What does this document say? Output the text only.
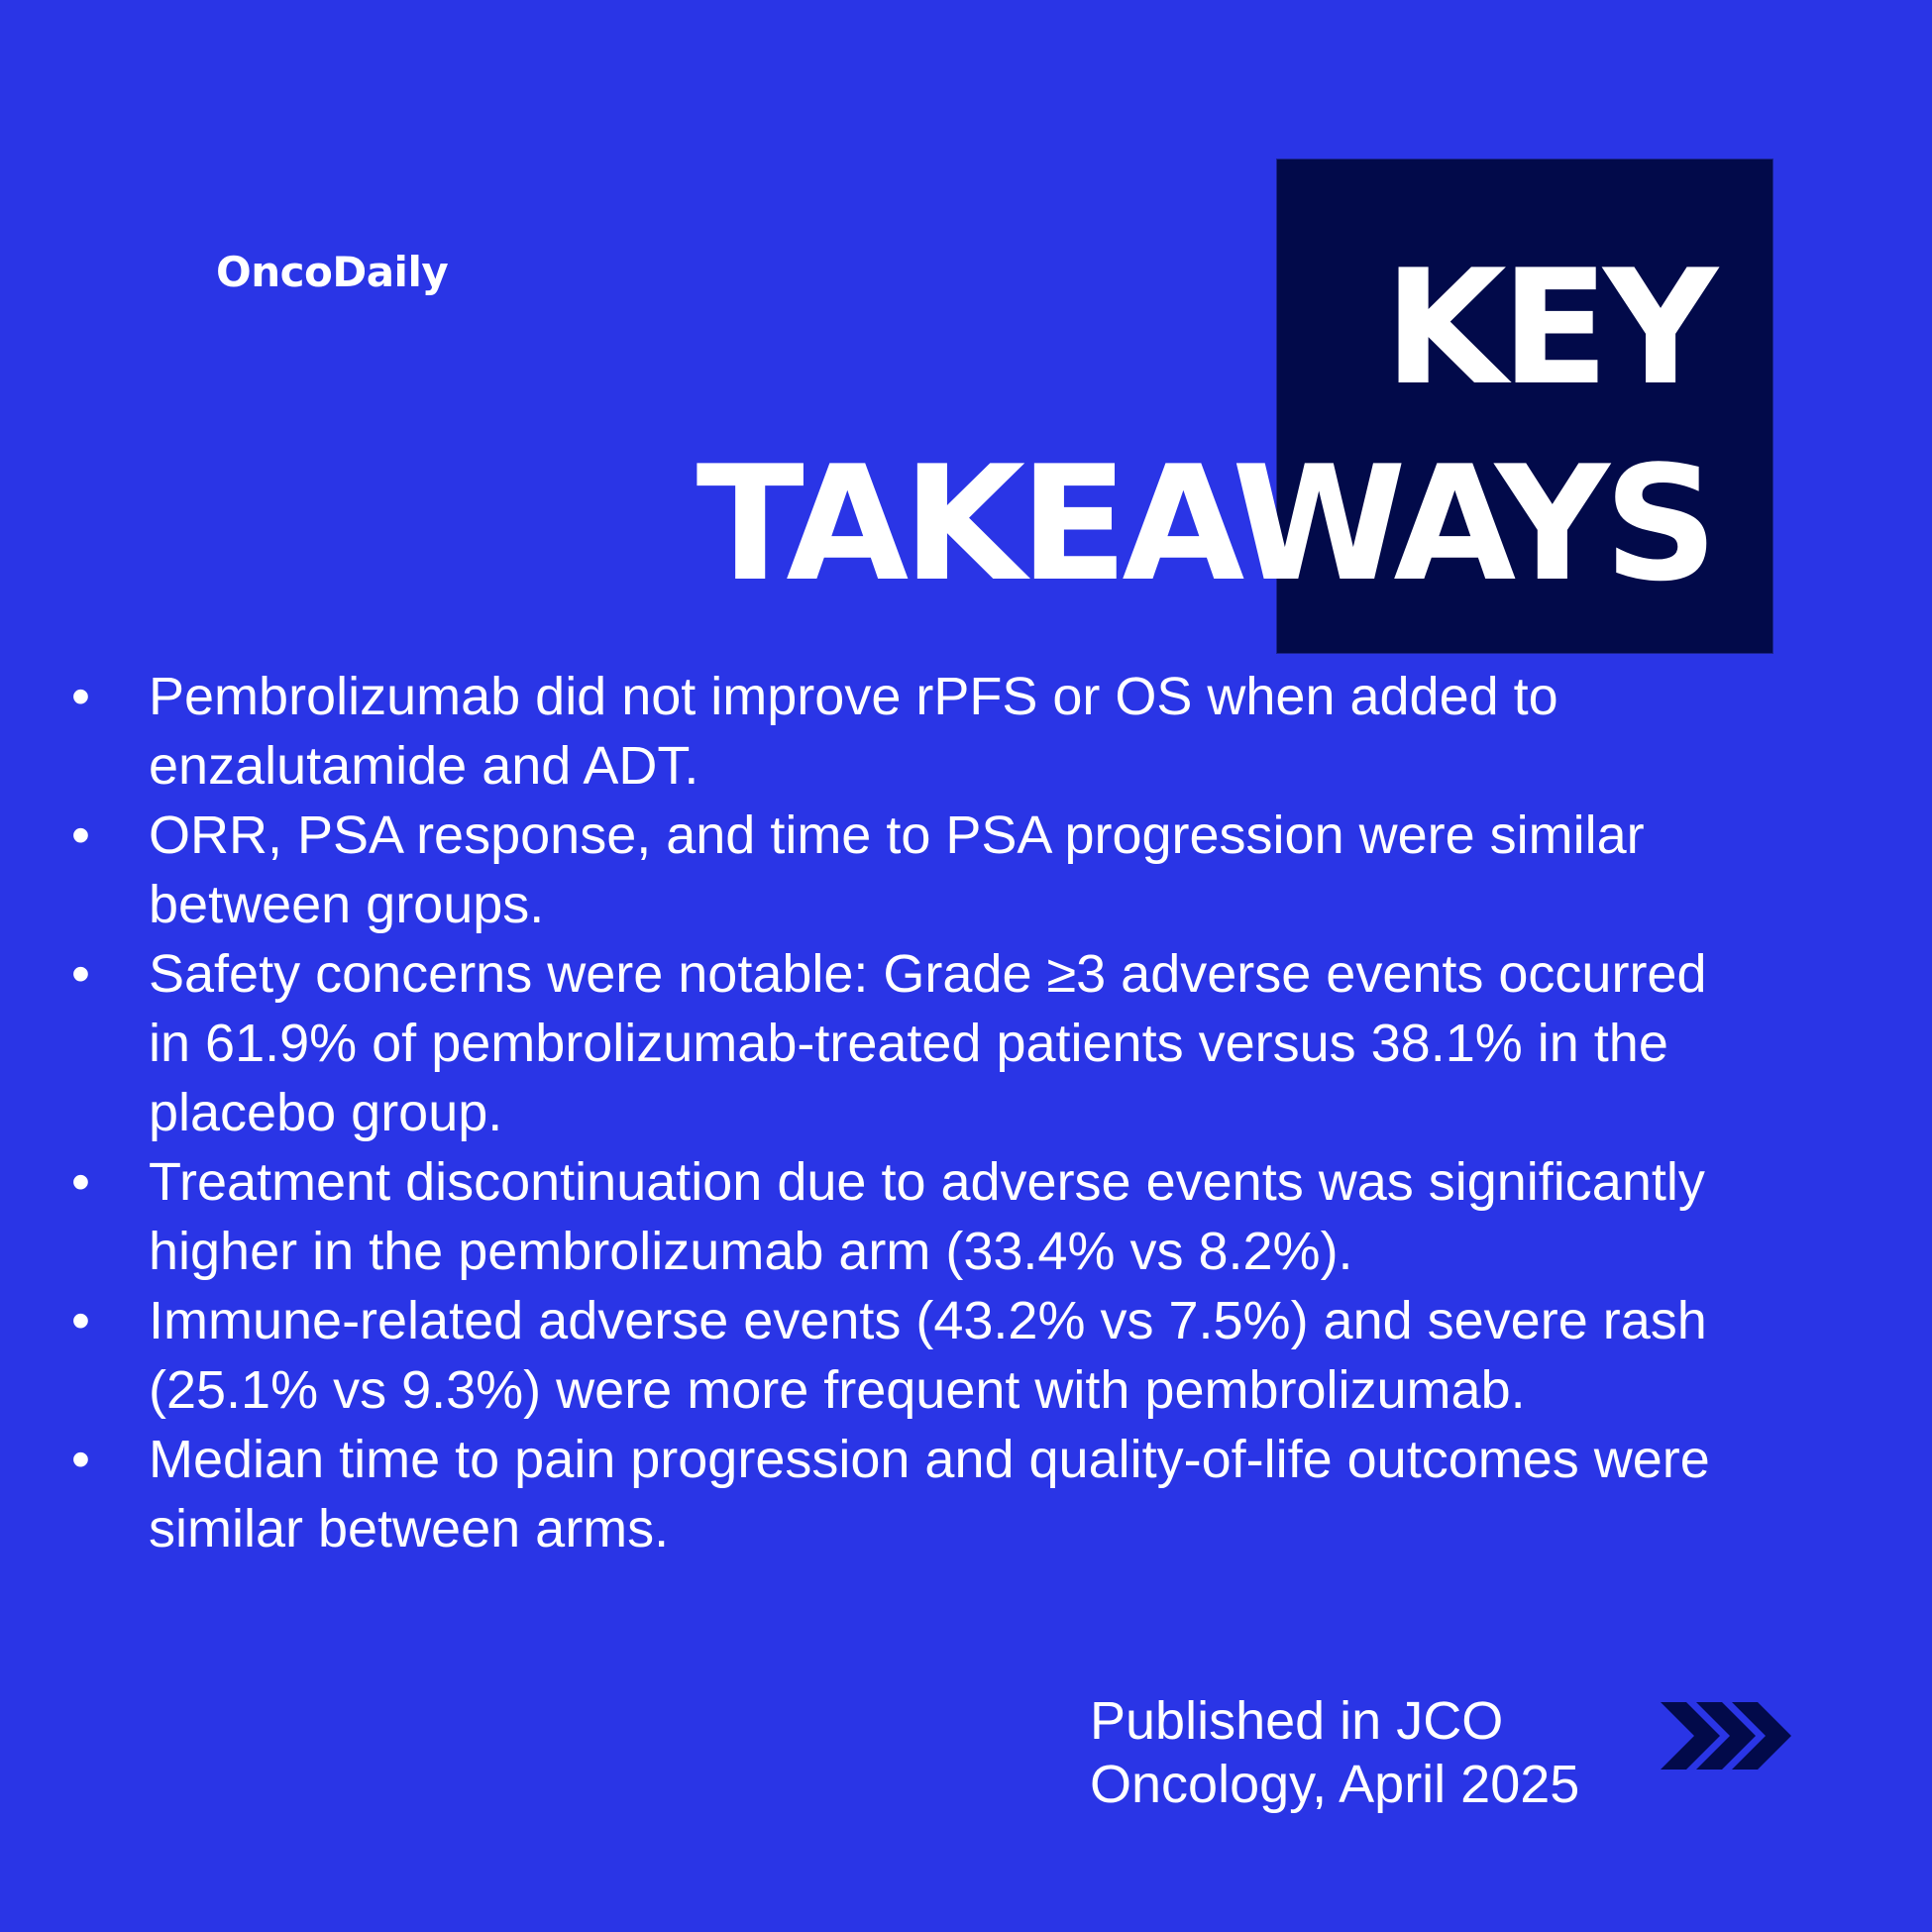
OncoDaily	KEY
TAKEAWAYS
• Pembrolizumab did not improve rPFS or OS when added to enzalutamide and ADT.
• ORR, PSA response, and time to PSA progression were similar between groups.
• Safety concerns were notable: Grade ≥3 adverse events occurred in 61.9% of pembrolizumab-treated patients versus 38.1% in the placebo group.
• Treatment discontinuation due to adverse events was significantly higher in the pembrolizumab arm (33.4% vs 8.2%).
• Immune-related adverse events (43.2% vs 7.5%) and severe rash (25.1% vs 9.3%) were more frequent with pembrolizumab.
• Median time to pain progression and quality-of-life outcomes were similar between arms.
Published in JCO
Oncology, April 2025
